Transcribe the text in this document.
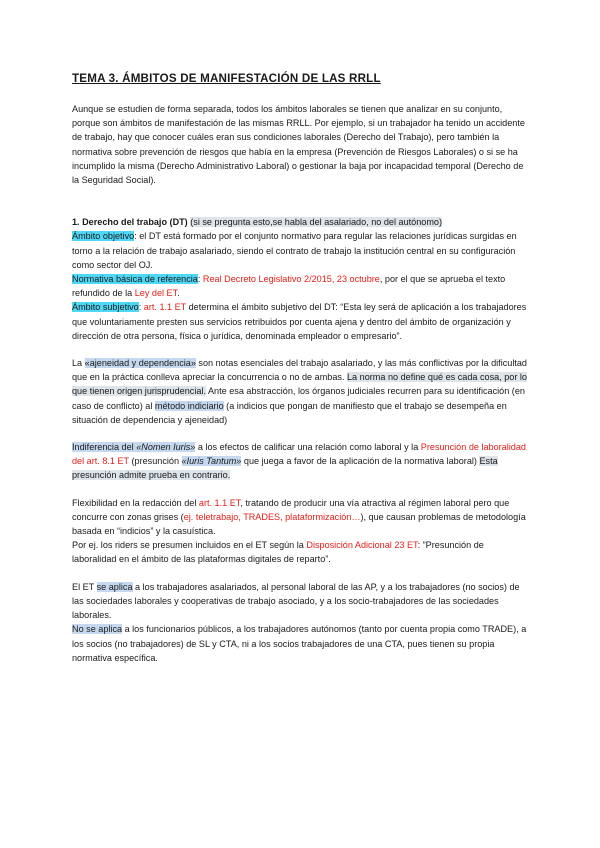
TEMA 3. ÁMBITOS DE MANIFESTACIÓN DE LAS RRLL

Aunque se estudien de forma separada, todos los ámbitos laborales se tienen que analizar en su conjunto, porque son ámbitos de manifestación de las mismas RRLL. Por ejemplo, si un trabajador ha tenido un accidente de trabajo, hay que conocer cuáles eran sus condiciones laborales (Derecho del Trabajo), pero también la normativa sobre prevención de riesgos que había en la empresa (Prevención de Riesgos Laborales) o si se ha incumplido la misma (Derecho Administrativo Laboral) o gestionar la baja por incapacidad temporal (Derecho de la Seguridad Social).

1. Derecho del trabajo (DT) (si se pregunta esto,se habla del asalariado, no del autónomo)
Ámbito objetivo: el DT está formado por el conjunto normativo para regular las relaciones jurídicas surgidas en torno a la relación de trabajo asalariado, siendo el contrato de trabajo la institución central en su configuración como sector del OJ.
Normativa básica de referencia: Real Decreto Legislativo 2/2015, 23 octubre, por el que se aprueba el texto refundido de la Ley del ET.
Ámbito subjetivo: art. 1.1 ET determina el ámbito subjetivo del DT: “Esta ley será de aplicación a los trabajadores que voluntariamente presten sus servicios retribuidos por cuenta ajena y dentro del ámbito de organización y dirección de otra persona, física o jurídica, denominada empleador o empresario”.

La «ajeneidad y dependencia» son notas esenciales del trabajo asalariado, y las más conflictivas por la dificultad que en la práctica conlleva apreciar la concurrencia o no de ambas. La norma no define qué es cada cosa, por lo que tienen origen jurisprudencial. Ante esa abstracción, los órganos judiciales recurren para su identificación (en caso de conflicto) al método indiciario (a indicios que pongan de manifiesto que el trabajo se desempeña en situación de dependencia y ajeneidad)

Indiferencia del «Nomen Iuris» a los efectos de calificar una relación como laboral y la Presunción de laboralidad del art. 8.1 ET (presunción «Iuris Tantum» que juega a favor de la aplicación de la normativa laboral) Esta presunción admite prueba en contrario.

Flexibilidad en la redacción del art. 1.1 ET, tratando de producir una vía atractiva al régimen laboral pero que concurre con zonas grises (ej. teletrabajo, TRADES, plataformización…), que causan problemas de metodología basada en “indicios” y la casuística.
Por ej. los riders se presumen incluidos en el ET según la Disposición Adicional 23 ET: ”Presunción de laboralidad en el ámbito de las plataformas digitales de reparto”.

El ET se aplica a los trabajadores asalariados, al personal laboral de las AP, y a los trabajadores (no socios) de las sociedades laborales y cooperativas de trabajo asociado, y a los socio-trabajadores de las sociedades laborales.
No se aplica a los funcionarios públicos, a los trabajadores autónomos (tanto por cuenta propia como TRADE), a los socios (no trabajadores) de SL y CTA, ni a los socios trabajadores de una CTA, pues tienen su propia normativa específica.
